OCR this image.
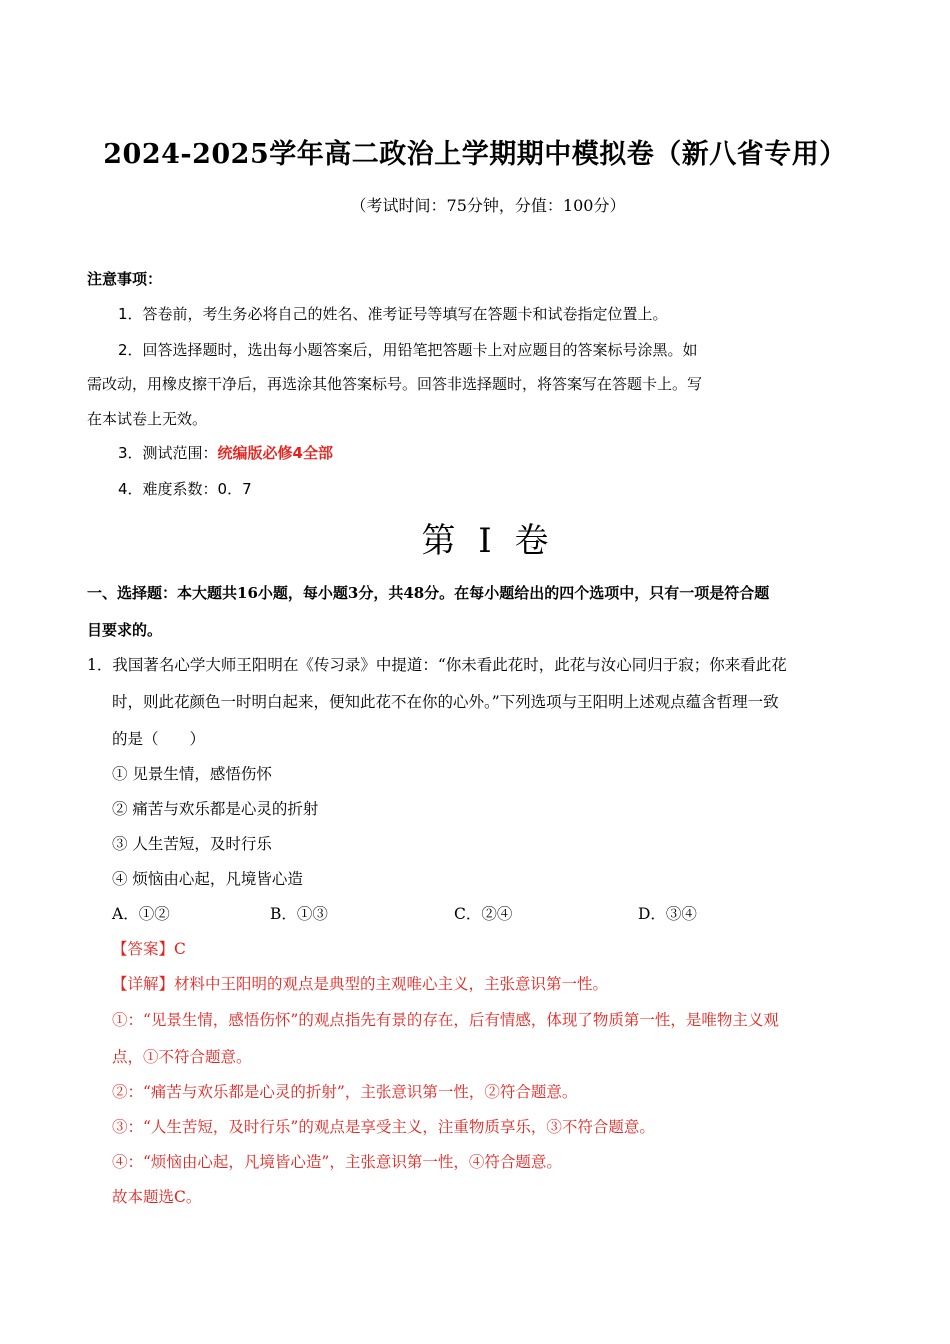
2024-2025学年高二政治上学期期中模拟卷（新八省专用）
（考试时间：75分钟，分值：100分）
注意事项：
1．答卷前，考生务必将自己的姓名、准考证号等填写在答题卡和试卷指定位置上。
2．回答选择题时，选出每小题答案后，用铅笔把答题卡上对应题目的答案标号涂黑。如
需改动，用橡皮擦干净后，再选涂其他答案标号。回答非选择题时，将答案写在答题卡上。写
在本试卷上无效。
3．测试范围：统编版必修4全部
4．难度系数：0．7
第 I 卷
一、选择题：本大题共16小题，每小题3分，共48分。在每小题给出的四个选项中，只有一项是符合题
目要求的。
1．我国著名心学大师王阳明在《传习录》中提道：“你未看此花时，此花与汝心同归于寂；你来看此花
时，则此花颜色一时明白起来，便知此花不在你的心外。”下列选项与王阳明上述观点蕴含哲理一致
的是（　　）
① 见景生情，感悟伤怀
② 痛苦与欢乐都是心灵的折射
③ 人生苦短，及时行乐
④ 烦恼由心起，凡境皆心造
A．①②	B．①③	C．②④	D．③④
【答案】C
【详解】材料中王阳明的观点是典型的主观唯心主义，主张意识第一性。
①：“见景生情，感悟伤怀”的观点指先有景的存在，后有情感，体现了物质第一性，是唯物主义观
点，①不符合题意。
②：“痛苦与欢乐都是心灵的折射”，主张意识第一性，②符合题意。
③：“人生苦短，及时行乐”的观点是享受主义，注重物质享乐，③不符合题意。
④：“烦恼由心起，凡境皆心造”，主张意识第一性，④符合题意。
故本题选C。
